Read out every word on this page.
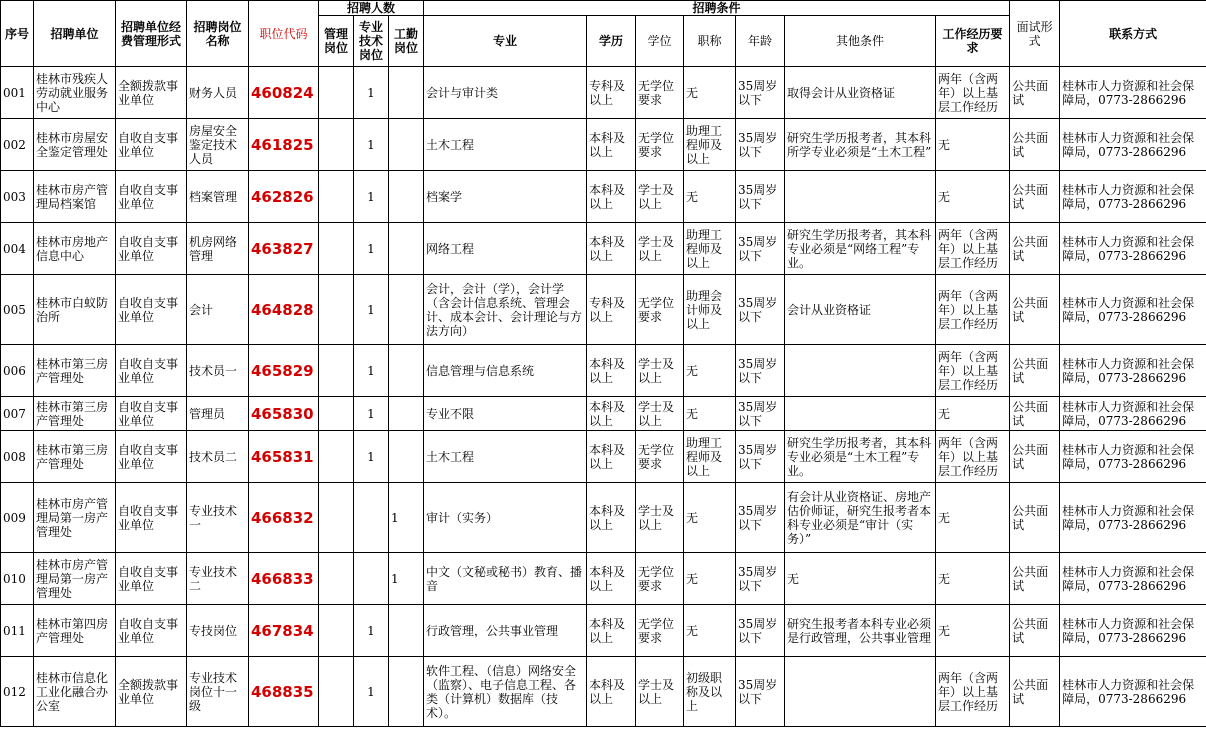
序号	招聘单位	招聘单位经费管理形式	招聘岗位名称	职位代码	招聘人数			招聘条件							面试形式	联系方式
					管理岗位	专业技术岗位	工勤岗位	专业	学历	学位	职称	年龄	其他条件	工作经历要求		
001	桂林市残疾人劳动就业服务中心	全额拨款事业单位	财务人员	460824		1		会计与审计类	专科及以上	无学位要求	无	35周岁以下	取得会计从业资格证	两年（含两年）以上基层工作经历	公共面试	桂林市人力资源和社会保障局，0773-2866296
002	桂林市房屋安全鉴定管理处	自收自支事业单位	房屋安全鉴定技术人员	461825		1		土木工程	本科及以上	无学位要求	助理工程师及以上	35周岁以下	研究生学历报考者，其本科所学专业必须是“土木工程”	无	公共面试	桂林市人力资源和社会保障局，0773-2866296
003	桂林市房产管理局档案馆	自收自支事业单位	档案管理	462826		1		档案学	本科及以上	学士及以上	无	35周岁以下		无	公共面试	桂林市人力资源和社会保障局，0773-2866296
004	桂林市房地产信息中心	自收自支事业单位	机房网络管理	463827		1		网络工程	本科及以上	学士及以上	助理工程师及以上	35周岁以下	研究生学历报考者，其本科专业必须是“网络工程”专业。	两年（含两年）以上基层工作经历	公共面试	桂林市人力资源和社会保障局，0773-2866296
005	桂林市白蚁防治所	自收自支事业单位	会计	464828		1		会计，会计（学），会计学（含会计信息系统、管理会计、成本会计、会计理论与方法方向）	专科及以上	无学位要求	助理会计师及以上	35周岁以下	会计从业资格证	两年（含两年）以上基层工作经历	公共面试	桂林市人力资源和社会保障局，0773-2866296
006	桂林市第三房产管理处	自收自支事业单位	技术员一	465829		1		信息管理与信息系统	本科及以上	学士及以上	无	35周岁以下		两年（含两年）以上基层工作经历	公共面试	桂林市人力资源和社会保障局，0773-2866296
007	桂林市第三房产管理处	自收自支事业单位	管理员	465830		1		专业不限	本科及以上	学士及以上	无	35周岁以下		无	公共面试	桂林市人力资源和社会保障局，0773-2866296
008	桂林市第三房产管理处	自收自支事业单位	技术员二	465831		1		土木工程	本科及以上	无学位要求	助理工程师及以上	35周岁以下	研究生学历报考者，其本科专业必须是“土木工程”专业。	两年（含两年）以上基层工作经历	公共面试	桂林市人力资源和社会保障局，0773-2866296
009	桂林市房产管理局第一房产管理处	自收自支事业单位	专业技术一	466832			1	审计（实务）	本科及以上	学士及以上	无	35周岁以下	有会计从业资格证、房地产估价师证，研究生报考者本科专业必须是“审计（实务）”	无	公共面试	桂林市人力资源和社会保障局，0773-2866296
010	桂林市房产管理局第一房产管理处	自收自支事业单位	专业技术二	466833			1	中文（文秘或秘书）教育、播音	本科及以上	无学位要求	无	35周岁以下	无	无	公共面试	桂林市人力资源和社会保障局，0773-2866296
011	桂林市第四房产管理处	自收自支事业单位	专技岗位	467834		1		行政管理，公共事业管理	本科及以上	无学位要求	无	35周岁以下	研究生报考者本科专业必须是行政管理，公共事业管理	无	公共面试	桂林市人力资源和社会保障局，0773-2866296
012	桂林市信息化工业化融合办公室	全额拨款事业单位	专业技术岗位十一级	468835		1		软件工程、（信息）网络安全（监察）、电子信息工程、各类（计算机）数据库（技术）。	本科及以上	学士及以上	初级职称及以上	35周岁以下		两年（含两年）以上基层工作经历	公共面试	桂林市人力资源和社会保障局，0773-2866296
